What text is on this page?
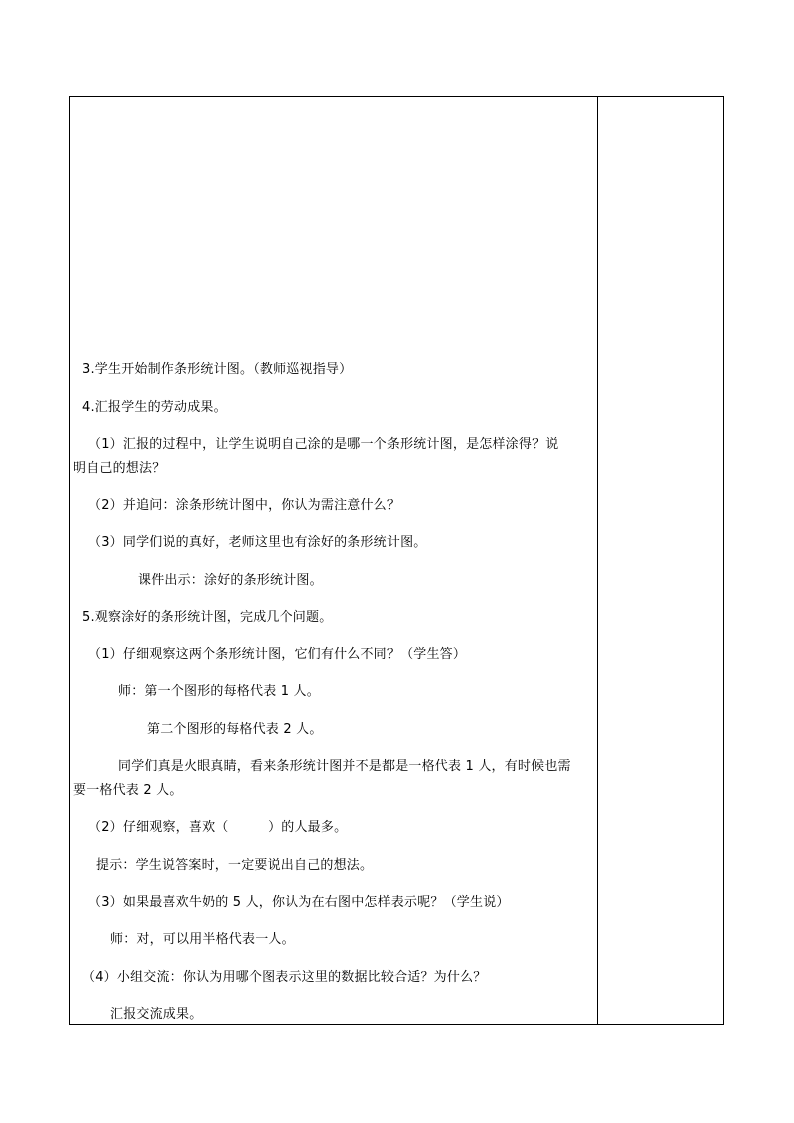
3.学生开始制作条形统计图。（教师巡视指导）
4.汇报学生的劳动成果。
（1）汇报的过程中，让学生说明自己涂的是哪一个条形统计图，是怎样涂得？说
明自己的想法？
（2）并追问：涂条形统计图中，你认为需注意什么？
（3）同学们说的真好，老师这里也有涂好的条形统计图。
课件出示：涂好的条形统计图。
5.观察涂好的条形统计图，完成几个问题。
（1）仔细观察这两个条形统计图，它们有什么不同？（学生答）
师：第一个图形的每格代表 1 人。
第二个图形的每格代表 2 人。
同学们真是火眼真睛，看来条形统计图并不是都是一格代表 1 人，有时候也需
要一格代表 2 人。
（2）仔细观察，喜欢（　　　）的人最多。
提示：学生说答案时，一定要说出自己的想法。
（3）如果最喜欢牛奶的 5 人，你认为在右图中怎样表示呢？（学生说）
师：对，可以用半格代表一人。
（4）小组交流：你认为用哪个图表示这里的数据比较合适？为什么？
汇报交流成果。
